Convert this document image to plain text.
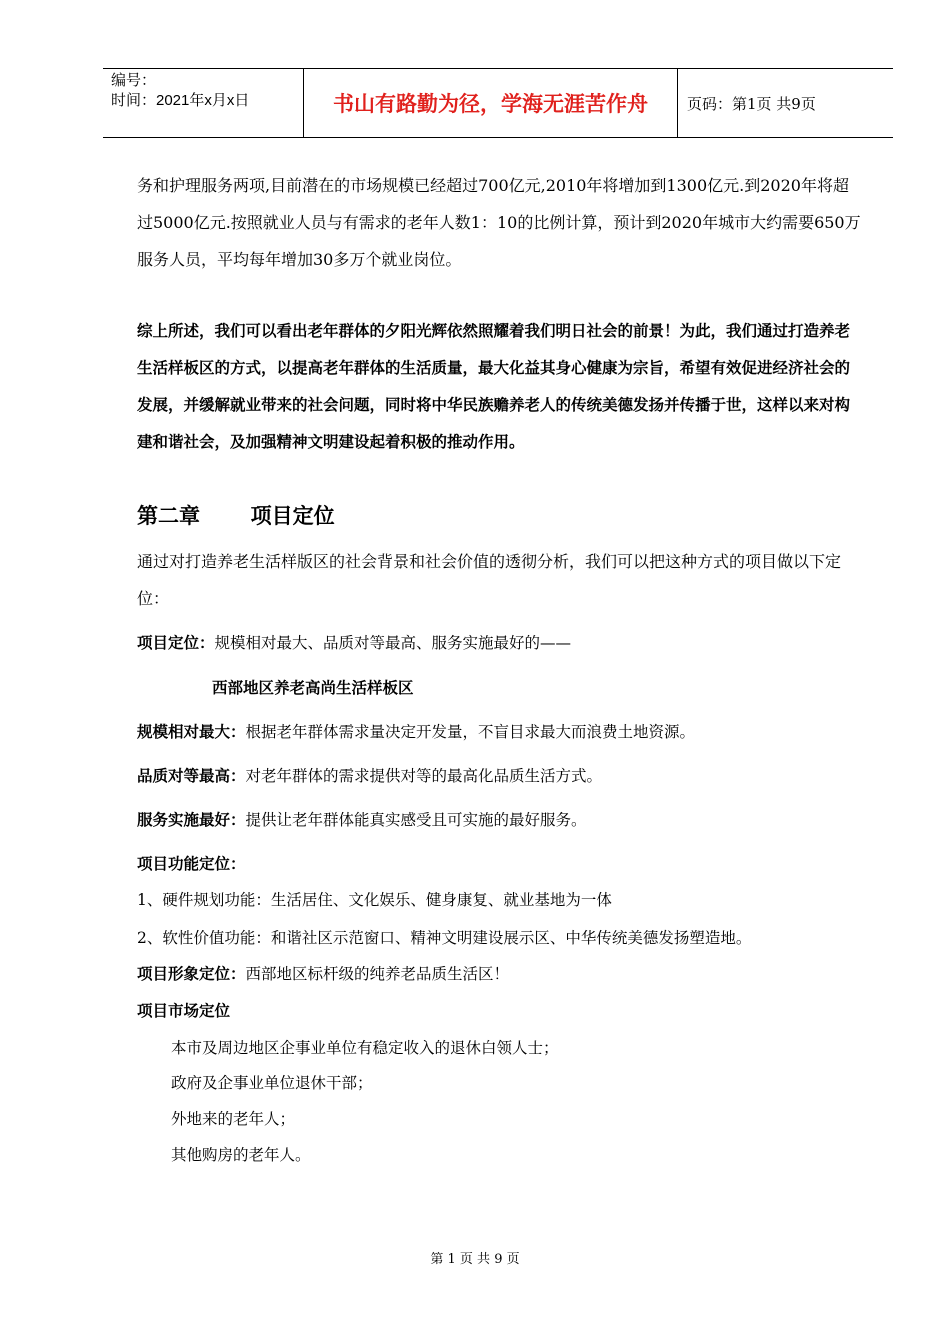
编号：
时间：2021年x月x日	书山有路勤为径，学海无涯苦作舟	页码：第1页 共9页
务和护理服务两项,目前潜在的市场规模已经超过700亿元,2010年将增加到1300亿元.到2020年将超过5000亿元.按照就业人员与有需求的老年人数1：10的比例计算，预计到2020年城市大约需要650万服务人员，平均每年增加30多万个就业岗位。
综上所述，我们可以看出老年群体的夕阳光辉依然照耀着我们明日社会的前景！为此，我们通过打造养老生活样板区的方式，以提高老年群体的生活质量，最大化益其身心健康为宗旨，希望有效促进经济社会的发展，并缓解就业带来的社会问题，同时将中华民族赡养老人的传统美德发扬并传播于世，这样以来对构建和谐社会，及加强精神文明建设起着积极的推动作用。
第二章 项目定位
通过对打造养老生活样版区的社会背景和社会价值的透彻分析，我们可以把这种方式的项目做以下定位：
项目定位：规模相对最大、品质对等最高、服务实施最好的——
西部地区养老高尚生活样板区
规模相对最大：根据老年群体需求量决定开发量，不盲目求最大而浪费土地资源。
品质对等最高：对老年群体的需求提供对等的最高化品质生活方式。
服务实施最好：提供让老年群体能真实感受且可实施的最好服务。
项目功能定位：
1、硬件规划功能：生活居住、文化娱乐、健身康复、就业基地为一体
2、软性价值功能：和谐社区示范窗口、精神文明建设展示区、中华传统美德发扬塑造地。
项目形象定位：西部地区标杆级的纯养老品质生活区！
项目市场定位
本市及周边地区企事业单位有稳定收入的退休白领人士；
政府及企事业单位退休干部；
外地来的老年人；
其他购房的老年人。
第 1 页 共 9 页
